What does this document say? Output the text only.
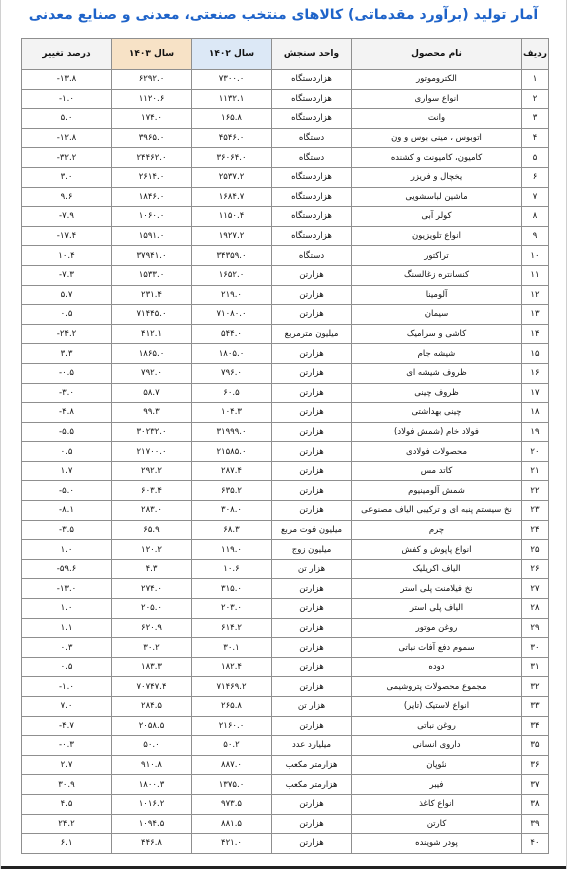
آمار تولید (برآورد مقدماتی) کالاهای منتخب صنعتی، معدنی و صنایع معدنی
ردیف	نام محصول	واحد سنجش	سال ۱۴۰۲	سال ۱۴۰۳	درصد تغییر
۱	الکتروموتور	هزاردستگاه	۷۳۰۰.۰	۶۲۹۲.۰	-۱۳.۸
۲	انواع سواری	هزاردستگاه	۱۱۳۲.۱	۱۱۲۰.۶	-۱.۰
۳	وانت	هزاردستگاه	۱۶۵.۸	۱۷۴.۰	۵.۰
۴	اتوبوس ، مینی بوس و ون	دستگاه	۴۵۴۶.۰	۳۹۶۵.۰	-۱۲.۸
۵	کامیون، کامیونت و کشنده	دستگاه	۳۶۰۶۴.۰	۲۴۴۶۲.۰	-۳۲.۲
۶	یخچال و فریزر	هزاردستگاه	۲۵۳۷.۲	۲۶۱۴.۰	۳.۰
۷	ماشین لباسشویی	هزاردستگاه	۱۶۸۴.۷	۱۸۴۶.۰	۹.۶
۸	کولر آبی	هزاردستگاه	۱۱۵۰.۴	۱۰۶۰.۰	-۷.۹
۹	انواع تلویزیون	هزاردستگاه	۱۹۲۷.۲	۱۵۹۱.۰	-۱۷.۴
۱۰	تراکتور	دستگاه	۳۴۳۵۹.۰	۳۷۹۴۱.۰	۱۰.۴
۱۱	کنسانتره زغالسنگ	هزارتن	۱۶۵۲.۰	۱۵۳۳.۰	-۷.۳
۱۲	آلومینا	هزارتن	۲۱۹.۰	۲۳۱.۴	۵.۷
۱۳	سیمان	هزارتن	۷۱۰۸۰.۰	۷۱۴۴۵.۰	۰.۵
۱۴	کاشی و سرامیک	میلیون مترمربع	۵۴۴.۰	۴۱۲.۱	-۲۴.۲
۱۵	شیشه جام	هزارتن	۱۸۰۵.۰	۱۸۶۵.۰	۳.۳
۱۶	ظروف شیشه ای	هزارتن	۷۹۶.۰	۷۹۲.۰	-۰.۵
۱۷	ظروف چینی	هزارتن	۶۰.۵	۵۸.۷	-۳.۰
۱۸	چینی بهداشتی	هزارتن	۱۰۴.۳	۹۹.۳	-۴.۸
۱۹	فولاد خام (شمش فولاد)	هزارتن	۳۱۹۹۹.۰	۳۰۲۳۲.۰	-۵.۵
۲۰	محصولات فولادی	هزارتن	۲۱۵۸۵.۰	۲۱۷۰۰.۰	۰.۵
۲۱	کاتد مس	هزارتن	۲۸۷.۴	۲۹۲.۲	۱.۷
۲۲	شمش آلومینیوم	هزارتن	۶۳۵.۲	۶۰۳.۴	-۵.۰
۲۳	نخ سیستم پنبه ای و ترکیبی الیاف مصنوعی	هزارتن	۳۰۸.۰	۲۸۳.۰	-۸.۱
۲۴	چرم	میلیون فوت مربع	۶۸.۳	۶۵.۹	-۳.۵
۲۵	انواع پاپوش و کفش	میلیون زوج	۱۱۹.۰	۱۲۰.۲	۱.۰
۲۶	الیاف اکریلیک	هزار تن	۱۰.۶	۴.۳	-۵۹.۶
۲۷	نخ فیلامنت پلی استر	هزارتن	۳۱۵.۰	۲۷۴.۰	-۱۳.۰
۲۸	الیاف پلی استر	هزارتن	۲۰۳.۰	۲۰۵.۰	۱.۰
۲۹	روغن موتور	هزارتن	۶۱۴.۲	۶۲۰.۹	۱.۱
۳۰	سموم دفع آفات نباتی	هزارتن	۳۰.۱	۳۰.۲	۰.۳
۳۱	دوده	هزارتن	۱۸۲.۴	۱۸۳.۳	۰.۵
۳۲	مجموع محصولات پتروشیمی	هزارتن	۷۱۴۶۹.۲	۷۰۷۴۷.۴	-۱.۰
۳۳	انواع لاستیک (تایر)	هزار تن	۲۶۵.۸	۲۸۴.۵	۷.۰
۳۴	روغن نباتی	هزارتن	۲۱۶۰.۰	۲۰۵۸.۵	-۴.۷
۳۵	داروی انسانی	میلیارد عدد	۵۰.۲	۵۰.۰	-۰.۳
۳۶	نئوپان	هزارمتر مکعب	۸۸۷.۰	۹۱۰.۸	۲.۷
۳۷	فیبر	هزارمتر مکعب	۱۳۷۵.۰	۱۸۰۰.۳	۳۰.۹
۳۸	انواع کاغذ	هزارتن	۹۷۳.۵	۱۰۱۶.۲	۴.۵
۳۹	کارتن	هزارتن	۸۸۱.۵	۱۰۹۴.۵	۲۴.۲
۴۰	پودر شوینده	هزارتن	۴۲۱.۰	۴۴۶.۸	۶.۱
